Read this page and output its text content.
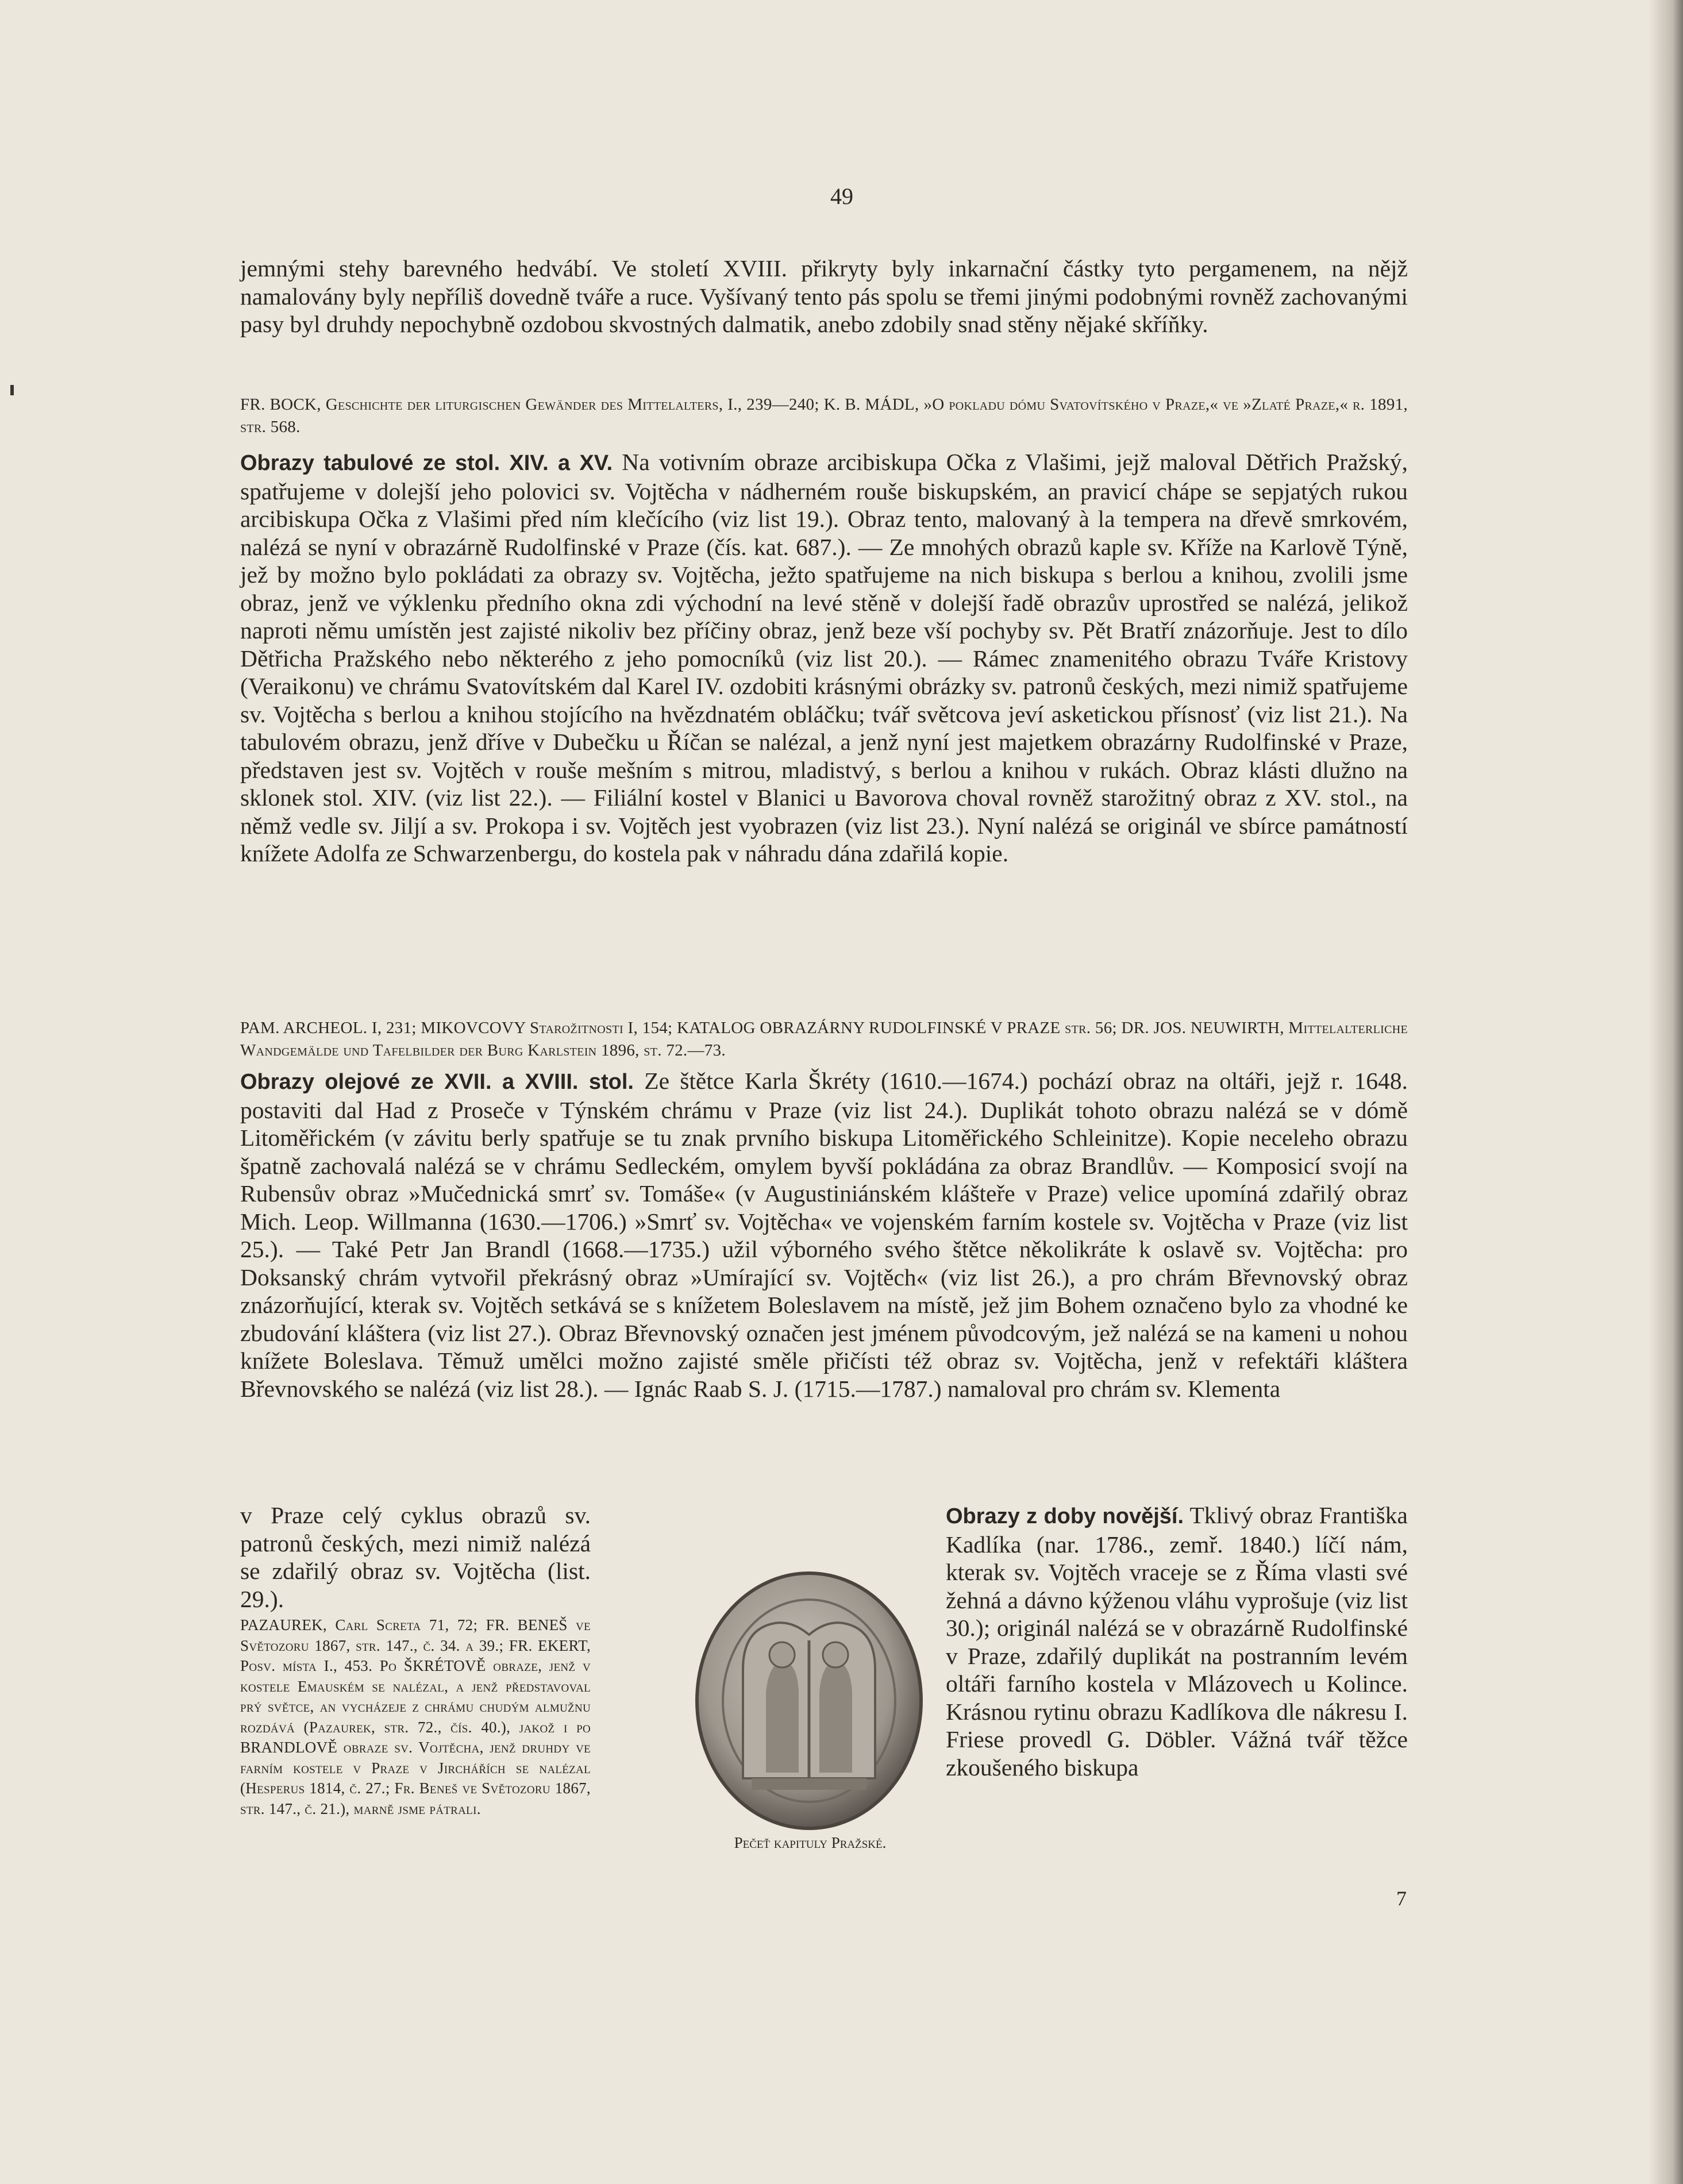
49

jemnými stehy barevného hedvábí. Ve století XVIII. přikryty byly inkarnační částky tyto pergamenem, na nějž namalovány byly nepříliš dovedně tváře a ruce. Vyšívaný tento pás spolu se třemi jinými podobnými rovněž zachovanými pasy byl druhdy nepochybně ozdobou skvostných dalmatik, anebo zdobily snad stěny nějaké skříňky.

FR. BOCK, Geschichte der liturgischen Gewänder des Mittelalters, I., 239—240; K. B. MÁDL, »O pokladu dómu Svatovítského v Praze,« ve »Zlaté Praze,« r. 1891, str. 568.

Obrazy tabulové ze stol. XIV. a XV. Na votivním obraze arcibiskupa Očka z Vlašimi, jejž maloval Dětřich Pražský, spatřujeme v dolejší jeho polovici sv. Vojtěcha v nádherném rouše biskupském, an pravicí chápe se sepjatých rukou arcibiskupa Očka z Vlašimi před ním klečícího (viz list 19.). Obraz tento, malovaný à la tempera na dřevě smrkovém, nalézá se nyní v obrazárně Rudolfinské v Praze (čís. kat. 687.). — Ze mnohých obrazů kaple sv. Kříže na Karlově Týně, jež by možno bylo pokládati za obrazy sv. Vojtěcha, ježto spatřujeme na nich biskupa s berlou a knihou, zvolili jsme obraz, jenž ve výklenku předního okna zdi východní na levé stěně v dolejší řadě obrazův uprostřed se nalézá, jelikož naproti němu umístěn jest zajisté nikoliv bez příčiny obraz, jenž beze vší pochyby sv. Pět Bratří znázorňuje. Jest to dílo Dětřicha Pražského nebo některého z jeho pomocníků (viz list 20.). — Rámec znamenitého obrazu Tváře Kristovy (Veraikonu) ve chrámu Svatovítském dal Karel IV. ozdobiti krásnými obrázky sv. patronů českých, mezi nimiž spatřujeme sv. Vojtěcha s berlou a knihou stojícího na hvězdnatém obláčku; tvář světcova jeví asketickou přísnosť (viz list 21.). Na tabulovém obrazu, jenž dříve v Dubečku u Říčan se nalézal, a jenž nyní jest majetkem obrazárny Rudolfinské v Praze, představen jest sv. Vojtěch v rouše mešním s mitrou, mladistvý, s berlou a knihou v rukách. Obraz klásti dlužno na sklonek stol. XIV. (viz list 22.). — Filiální kostel v Blanici u Bavorova choval rovněž starožitný obraz z XV. stol., na němž vedle sv. Jiljí a sv. Prokopa i sv. Vojtěch jest vyobrazen (viz list 23.). Nyní nalézá se originál ve sbírce památností knížete Adolfa ze Schwarzenbergu, do kostela pak v náhradu dána zdařilá kopie.

PAM. ARCHEOL. I, 231; MIKOVCOVY Starožitnosti I, 154; KATALOG OBRAZÁRNY RUDOLFINSKÉ V PRAZE str. 56; DR. JOS. NEUWIRTH, Mittelalterliche Wandgemälde und Tafelbilder der Burg Karlstein 1896, st. 72.—73.

Obrazy olejové ze XVII. a XVIII. stol. Ze štětce Karla Škréty (1610.—1674.) pochází obraz na oltáři, jejž r. 1648. postaviti dal Had z Proseče v Týnském chrámu v Praze (viz list 24.). Duplikát tohoto obrazu nalézá se v dómě Litoměřickém (v závitu berly spatřuje se tu znak prvního biskupa Litoměřického Schleinitze). Kopie neceleho obrazu špatně zachovalá nalézá se v chrámu Sedleckém, omylem byvší pokládána za obraz Brandlův. — Komposicí svojí na Rubensův obraz »Mučednická smrť sv. Tomáše« (v Augustiniánském klášteře v Praze) velice upomíná zdařilý obraz Mich. Leop. Willmanna (1630.—1706.) »Smrť sv. Vojtěcha« ve vojenském farním kostele sv. Vojtěcha v Praze (viz list 25.). — Také Petr Jan Brandl (1668.—1735.) užil výborného svého štětce několikráte k oslavě sv. Vojtěcha: pro Doksanský chrám vytvořil překrásný obraz »Umírající sv. Vojtěch« (viz list 26.), a pro chrám Břevnovský obraz znázorňující, kterak sv. Vojtěch setkává se s knížetem Boleslavem na místě, jež jim Bohem označeno bylo za vhodné ke zbudování kláštera (viz list 27.). Obraz Břevnovský označen jest jménem původcovým, jež nalézá se na kameni u nohou knížete Boleslava. Těmuž umělci možno zajisté směle přičísti též obraz sv. Vojtěcha, jenž v refektáři kláštera Břevnovského se nalézá (viz list 28.). — Ignác Raab S. J. (1715.—1787.) namaloval pro chrám sv. Klementa

v Praze celý cyklus obrazů sv. patronů českých, mezi nimiž nalézá se zdařilý obraz sv. Vojtěcha (list. 29.).

PAZAUREK, Carl Screta 71, 72; FR. BENEŠ ve Světozoru 1867, str. 147., č. 34. a 39.; FR. EKERT, Posv. místa I., 453. Po ŠKRÉTOVĚ obraze, jenž v kostele Emauském se nalézal, a jenž představoval prý světce, an vycházeje z chrámu chudým almužnu rozdává (Pazaurek, str. 72., čís. 40.), jakož i po BRANDLOVĚ obraze sv. Vojtěcha, jenž druhdy ve farním kostele v Praze v Jirchářích se nalézal (Hesperus 1814, č. 27.; Fr. Beneš ve Světozoru 1867, str. 147., č. 21.), marně jsme pátrali.

Pečeť kapituly Pražské.

Obrazy z doby novější. Tklivý obraz Františka Kadlíka (nar. 1786., zemř. 1840.) líčí nám, kterak sv. Vojtěch vraceje se z Říma vlasti své žehná a dávno kýženou vláhu vyprošuje (viz list 30.); originál nalézá se v obrazárně Rudolfinské v Praze, zdařilý duplikát na postranním levém oltáři farního kostela v Mlázovech u Kolince. Krásnou rytinu obrazu Kadlíkova dle nákresu I. Friese provedl G. Döbler. Vážná tvář těžce zkoušeného biskupa

7
